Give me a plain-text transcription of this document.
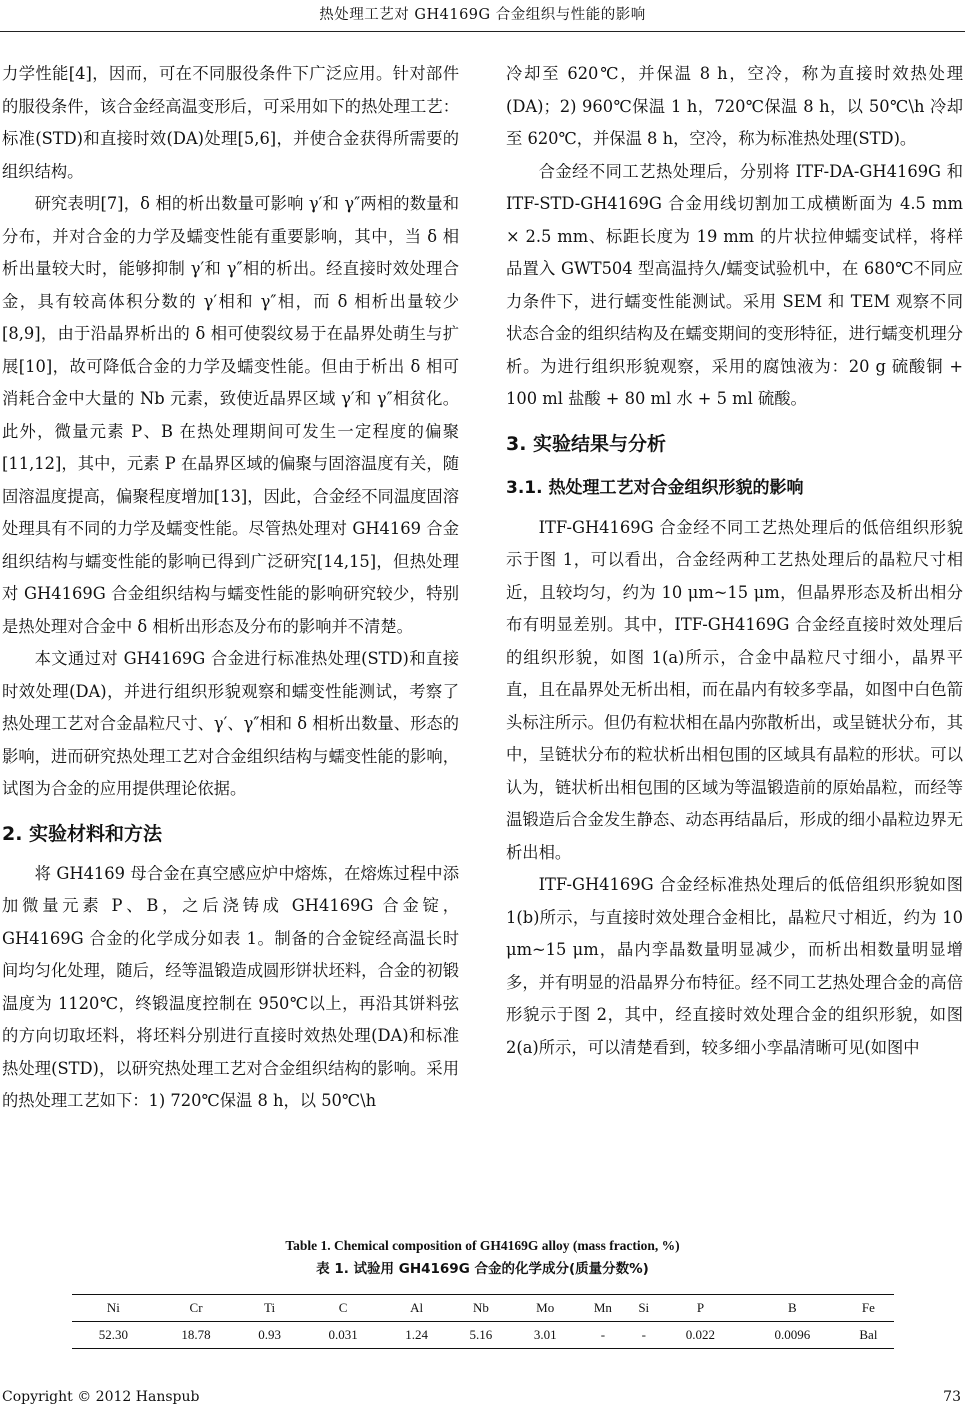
热处理工艺对 GH4169G 合金组织与性能的影响

力学性能[4]，因而，可在不同服役条件下广泛应用。针对部件的服役条件，该合金经高温变形后，可采用如下的热处理工艺：标准(STD)和直接时效(DA)处理[5,6]，并使合金获得所需要的组织结构。

研究表明[7]，δ 相的析出数量可影响 γ′和 γ″两相的数量和分布，并对合金的力学及蠕变性能有重要影响，其中，当 δ 相析出量较大时，能够抑制 γ′和 γ″相的析出。经直接时效处理合金，具有较高体积分数的 γ′相和 γ″相，而 δ 相析出量较少[8,9]，由于沿晶界析出的 δ 相可使裂纹易于在晶界处萌生与扩展[10]，故可降低合金的力学及蠕变性能。但由于析出 δ 相可消耗合金中大量的 Nb 元素，致使近晶界区域 γ′和 γ″相贫化。此外，微量元素 P、B 在热处理期间可发生一定程度的偏聚[11,12]，其中，元素 P 在晶界区域的偏聚与固溶温度有关，随固溶温度提高，偏聚程度增加[13]，因此，合金经不同温度固溶处理具有不同的力学及蠕变性能。尽管热处理对 GH4169 合金组织结构与蠕变性能的影响已得到广泛研究[14,15]，但热处理对 GH4169G 合金组织结构与蠕变性能的影响研究较少，特别是热处理对合金中 δ 相析出形态及分布的影响并不清楚。

本文通过对 GH4169G 合金进行标准热处理(STD)和直接时效处理(DA)，并进行组织形貌观察和蠕变性能测试，考察了热处理工艺对合金晶粒尺寸、γ′、γ″相和 δ 相析出数量、形态的影响，进而研究热处理工艺对合金组织结构与蠕变性能的影响，试图为合金的应用提供理论依据。

2. 实验材料和方法

将 GH4169 母合金在真空感应炉中熔炼，在熔炼过程中添加微量元素 P、B，之后浇铸成 GH4169G 合金锭，GH4169G 合金的化学成分如表 1。制备的合金锭经高温长时间均匀化处理，随后，经等温锻造成圆形饼状坯料，合金的初锻温度为 1120℃，终锻温度控制在 950℃以上，再沿其饼料弦的方向切取坯料，将坯料分别进行直接时效热处理(DA)和标准热处理(STD)，以研究热处理工艺对合金组织结构的影响。采用的热处理工艺如下：1) 720℃保温 8 h，以 50℃\h

冷却至 620℃，并保温 8 h，空冷，称为直接时效热处理(DA)；2) 960℃保温 1 h，720℃保温 8 h，以 50℃\h 冷却至 620℃，并保温 8 h，空冷，称为标准热处理(STD)。

合金经不同工艺热处理后，分别将 ITF-DA-GH4169G 和 ITF-STD-GH4169G 合金用线切割加工成横断面为 4.5 mm × 2.5 mm、标距长度为 19 mm 的片状拉伸蠕变试样，将样品置入 GWT504 型高温持久/蠕变试验机中，在 680℃不同应力条件下，进行蠕变性能测试。采用 SEM 和 TEM 观察不同状态合金的组织结构及在蠕变期间的变形特征，进行蠕变机理分析。为进行组织形貌观察，采用的腐蚀液为：20 g 硫酸铜 + 100 ml 盐酸 + 80 ml 水 + 5 ml 硫酸。

3. 实验结果与分析
3.1. 热处理工艺对合金组织形貌的影响

ITF-GH4169G 合金经不同工艺热处理后的低倍组织形貌示于图 1，可以看出，合金经两种工艺热处理后的晶粒尺寸相近，且较均匀，约为 10 μm~15 μm，但晶界形态及析出相分布有明显差别。其中，ITF-GH4169G 合金经直接时效处理后的组织形貌，如图 1(a)所示，合金中晶粒尺寸细小，晶界平直，且在晶界处无析出相，而在晶内有较多孪晶，如图中白色箭头标注所示。但仍有粒状相在晶内弥散析出，或呈链状分布，其中，呈链状分布的粒状析出相包围的区域具有晶粒的形状。可以认为，链状析出相包围的区域为等温锻造前的原始晶粒，而经等温锻造后合金发生静态、动态再结晶后，形成的细小晶粒边界无析出相。

ITF-GH4169G 合金经标准热处理后的低倍组织形貌如图 1(b)所示，与直接时效处理合金相比，晶粒尺寸相近，约为 10 μm~15 μm，晶内孪晶数量明显减少，而析出相数量明显增多，并有明显的沿晶界分布特征。经不同工艺热处理合金的高倍形貌示于图 2，其中，经直接时效处理合金的组织形貌，如图 2(a)所示，可以清楚看到，较多细小孪晶清晰可见(如图中

Table 1. Chemical composition of GH4169G alloy (mass fraction, %)
表 1. 试验用 GH4169G 合金的化学成分(质量分数%)
Ni	Cr	Ti	C	Al	Nb	Mo	Mn	Si	P	B	Fe
52.30	18.78	0.93	0.031	1.24	5.16	3.01	-	-	0.022	0.0096	Bal
Copyright © 2012 Hanspub	73
